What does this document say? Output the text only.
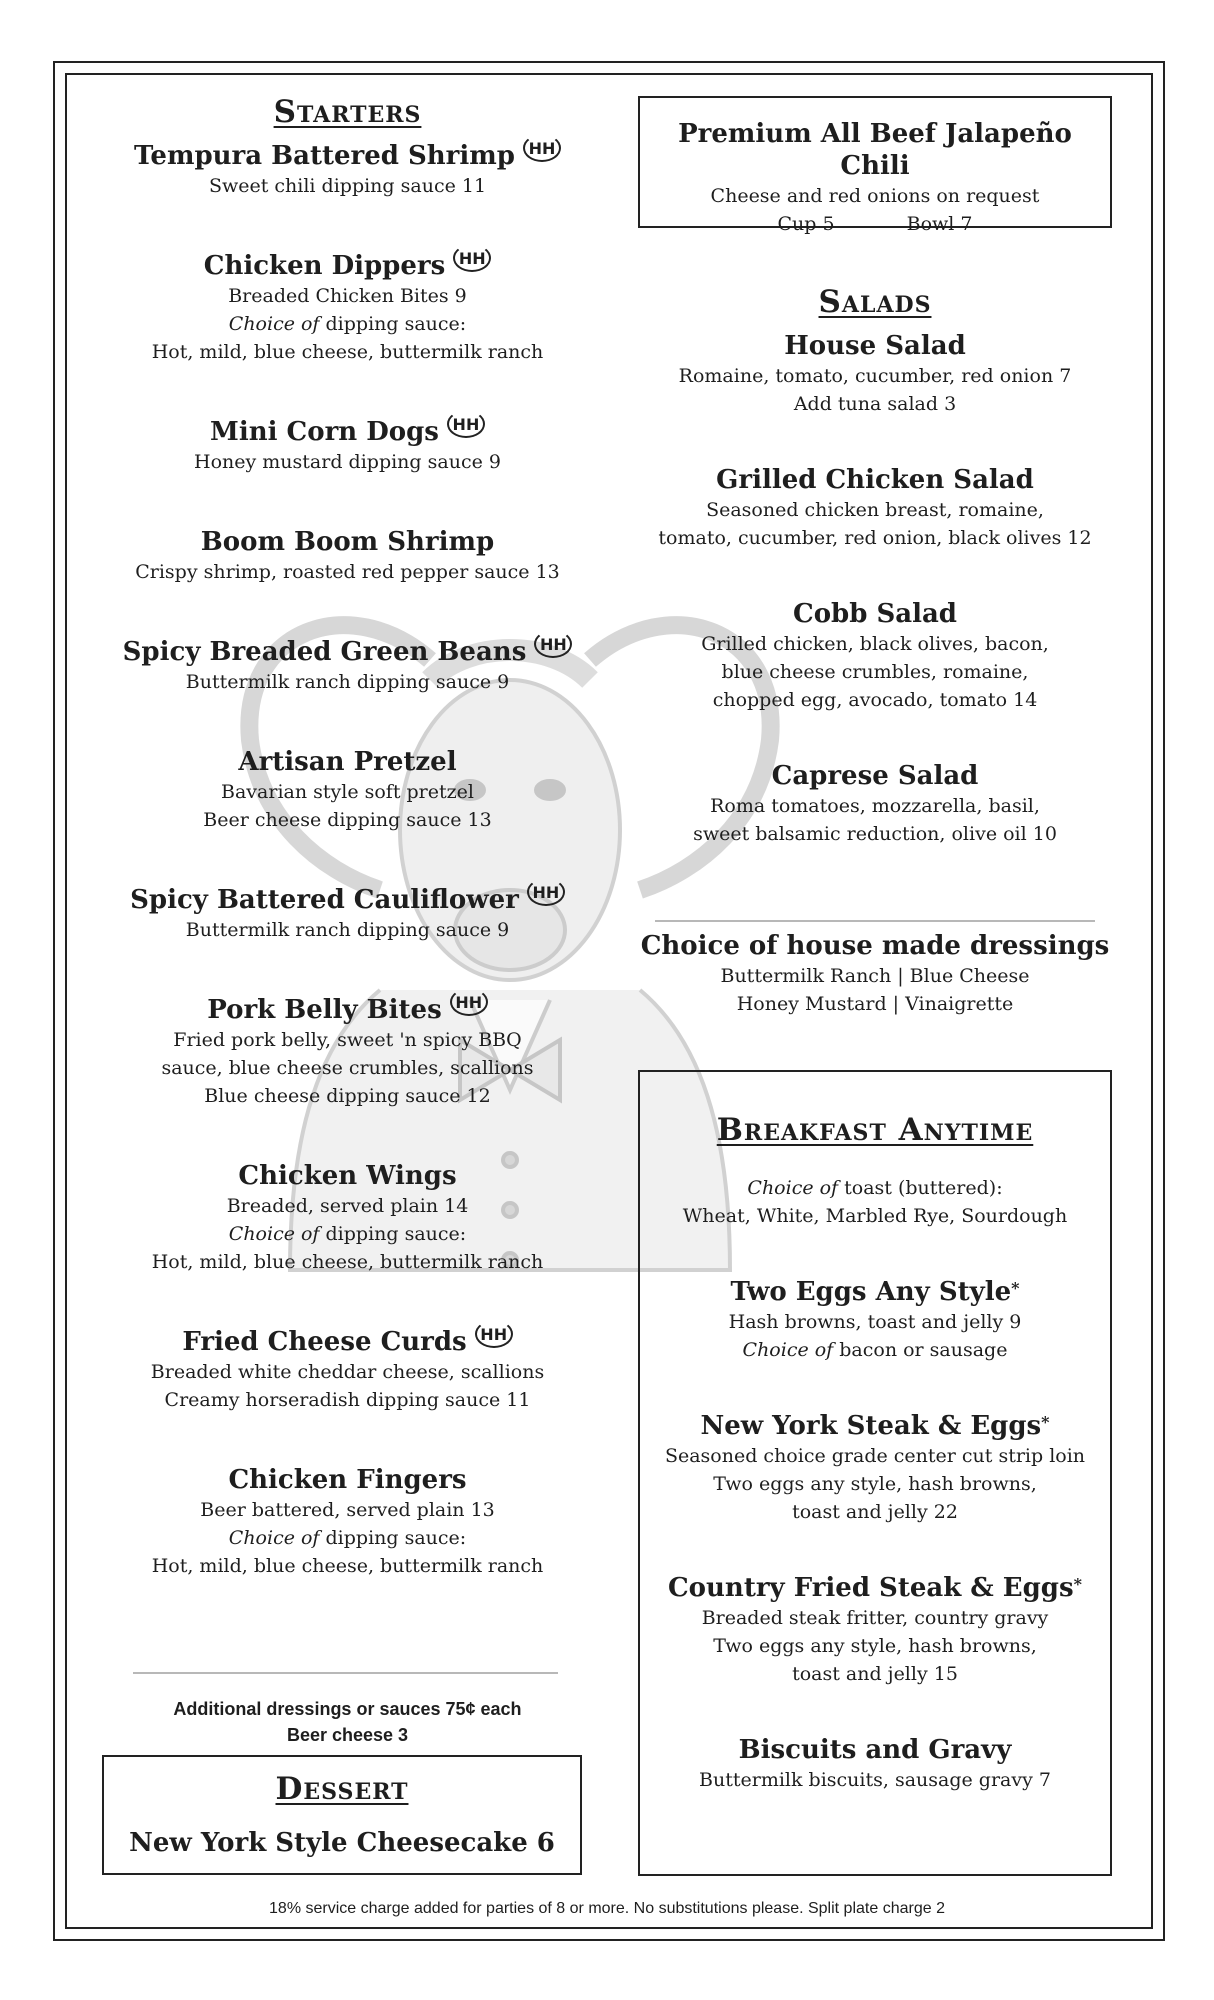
Starters
Tempura Battered Shrimp HH
Sweet chili dipping sauce 11
Chicken Dippers HH
Breaded Chicken Bites 9
Choice of dipping sauce:
Hot, mild, blue cheese, buttermilk ranch
Mini Corn Dogs HH
Honey mustard dipping sauce 9
Boom Boom Shrimp
Crispy shrimp, roasted red pepper sauce 13
Spicy Breaded Green Beans HH
Buttermilk ranch dipping sauce 9
Artisan Pretzel
Bavarian style soft pretzel
Beer cheese dipping sauce 13
Spicy Battered Cauliflower HH
Buttermilk ranch dipping sauce 9
Pork Belly Bites HH
Fried pork belly, sweet 'n spicy BBQ
sauce, blue cheese crumbles, scallions
Blue cheese dipping sauce 12
Chicken Wings
Breaded, served plain 14
Choice of dipping sauce:
Hot, mild, blue cheese, buttermilk ranch
Fried Cheese Curds HH
Breaded white cheddar cheese, scallions
Creamy horseradish dipping sauce 11
Chicken Fingers
Beer battered, served plain 13
Choice of dipping sauce:
Hot, mild, blue cheese, buttermilk ranch
Additional dressings or sauces 75¢ each
Beer cheese 3
Dessert
New York Style Cheesecake 6
Premium All Beef Jalapeño Chili
Cheese and red onions on request
Cup 5	Bowl 7
Salads
House Salad
Romaine, tomato, cucumber, red onion 7
Add tuna salad 3
Grilled Chicken Salad
Seasoned chicken breast, romaine,
tomato, cucumber, red onion, black olives 12
Cobb Salad
Grilled chicken, black olives, bacon,
blue cheese crumbles, romaine,
chopped egg, avocado, tomato 14
Caprese Salad
Roma tomatoes, mozzarella, basil,
sweet balsamic reduction, olive oil 10
Choice of house made dressings
Buttermilk Ranch | Blue Cheese
Honey Mustard | Vinaigrette
Breakfast Anytime
Choice of toast (buttered):
Wheat, White, Marbled Rye, Sourdough
Two Eggs Any Style*
Hash browns, toast and jelly 9
Choice of bacon or sausage
New York Steak & Eggs*
Seasoned choice grade center cut strip loin
Two eggs any style, hash browns,
toast and jelly 22
Country Fried Steak & Eggs*
Breaded steak fritter, country gravy
Two eggs any style, hash browns,
toast and jelly 15
Biscuits and Gravy
Buttermilk biscuits, sausage gravy 7
18% service charge added for parties of 8 or more. No substitutions please. Split plate charge 2
